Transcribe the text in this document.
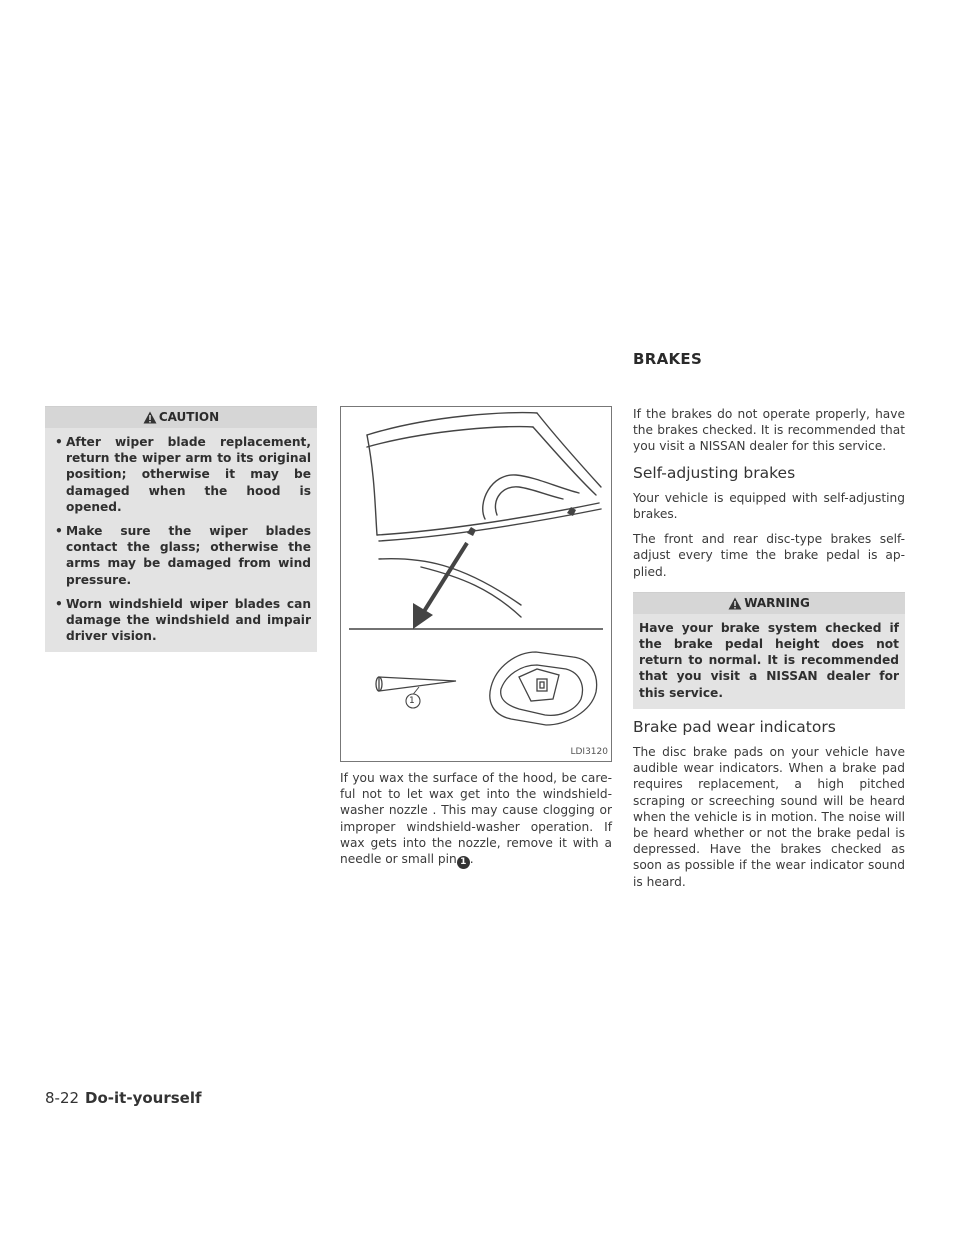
BRAKES
CAUTION
• After wiper blade replacement, return the wiper arm to its original position; otherwise it may be damaged when the hood is opened.
• Make sure the wiper blades contact the glass; otherwise the arms may be damaged from wind pressure.
• Worn windshield wiper blades can damage the windshield and impair driver vision.
1
LDI3120

If you wax the surface of the hood, be careful not to let wax get into the windshield-washer nozzle . This may cause clogging or improper windshield-washer operation. If wax gets into the nozzle, remove it with a needle or small pin 1 .

If the brakes do not operate properly, have the brakes checked. It is recommended that you visit a NISSAN dealer for this service.

Self-adjusting brakes

Your vehicle is equipped with self-adjusting brakes.

The front and rear disc-type brakes self-adjust every time the brake pedal is applied.

WARNING

Have your brake system checked if the brake pedal height does not return to normal. It is recommended that you visit a NISSAN dealer for this service.

Brake pad wear indicators

The disc brake pads on your vehicle have audible wear indicators. When a brake pad requires replacement, a high pitched scraping or screeching sound will be heard when the vehicle is in motion. The noise will be heard whether or not the brake pedal is depressed. Have the brakes checked as soon as possible if the wear indicator sound is heard.

8-22 Do-it-yourself
